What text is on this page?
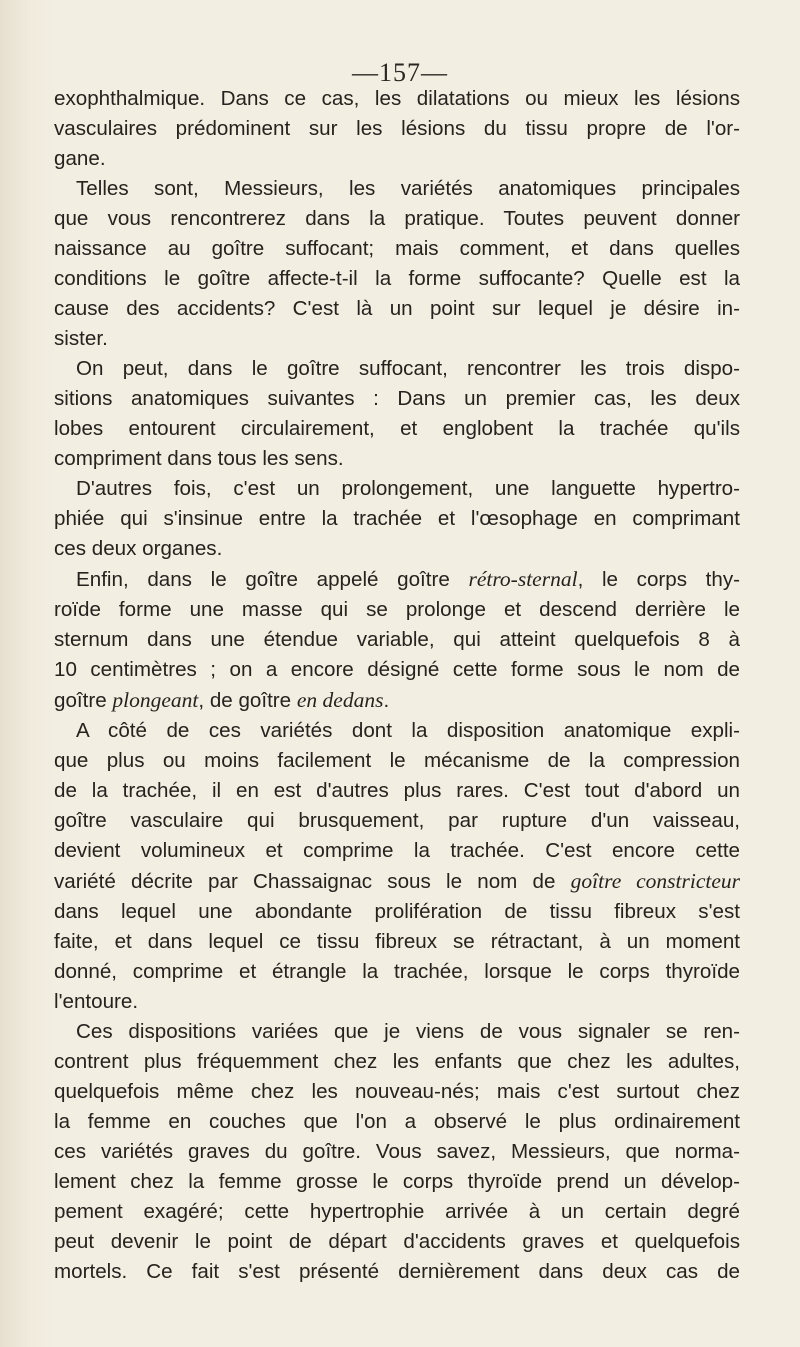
—157—
exophthalmique. Dans ce cas, les dilatations ou mieux les lésions
vasculaires prédominent sur les lésions du tissu propre de l'or-
gane.
Telles sont, Messieurs, les variétés anatomiques principales
que vous rencontrerez dans la pratique. Toutes peuvent donner
naissance au goître suffocant; mais comment, et dans quelles
conditions le goître affecte-t-il la forme suffocante? Quelle est la
cause des accidents? C'est là un point sur lequel je désire in-
sister.
On peut, dans le goître suffocant, rencontrer les trois dispo-
sitions anatomiques suivantes : Dans un premier cas, les deux
lobes entourent circulairement, et englobent la trachée qu'ils
compriment dans tous les sens.
D'autres fois, c'est un prolongement, une languette hypertro-
phiée qui s'insinue entre la trachée et l'œsophage en comprimant
ces deux organes.
Enfin, dans le goître appelé goître rétro-sternal, le corps thy-
roïde forme une masse qui se prolonge et descend derrière le
sternum dans une étendue variable, qui atteint quelquefois 8 à
10 centimètres ; on a encore désigné cette forme sous le nom de
goître plongeant, de goître en dedans.
A côté de ces variétés dont la disposition anatomique expli-
que plus ou moins facilement le mécanisme de la compression
de la trachée, il en est d'autres plus rares. C'est tout d'abord un
goître vasculaire qui brusquement, par rupture d'un vaisseau,
devient volumineux et comprime la trachée. C'est encore cette
variété décrite par Chassaignac sous le nom de goître constricteur
dans lequel une abondante prolifération de tissu fibreux s'est
faite, et dans lequel ce tissu fibreux se rétractant, à un moment
donné, comprime et étrangle la trachée, lorsque le corps thyroïde
l'entoure.
Ces dispositions variées que je viens de vous signaler se ren-
contrent plus fréquemment chez les enfants que chez les adultes,
quelquefois même chez les nouveau-nés; mais c'est surtout chez
la femme en couches que l'on a observé le plus ordinairement
ces variétés graves du goître. Vous savez, Messieurs, que norma-
lement chez la femme grosse le corps thyroïde prend un dévelop-
pement exagéré; cette hypertrophie arrivée à un certain degré
peut devenir le point de départ d'accidents graves et quelquefois
mortels. Ce fait s'est présenté dernièrement dans deux cas de
